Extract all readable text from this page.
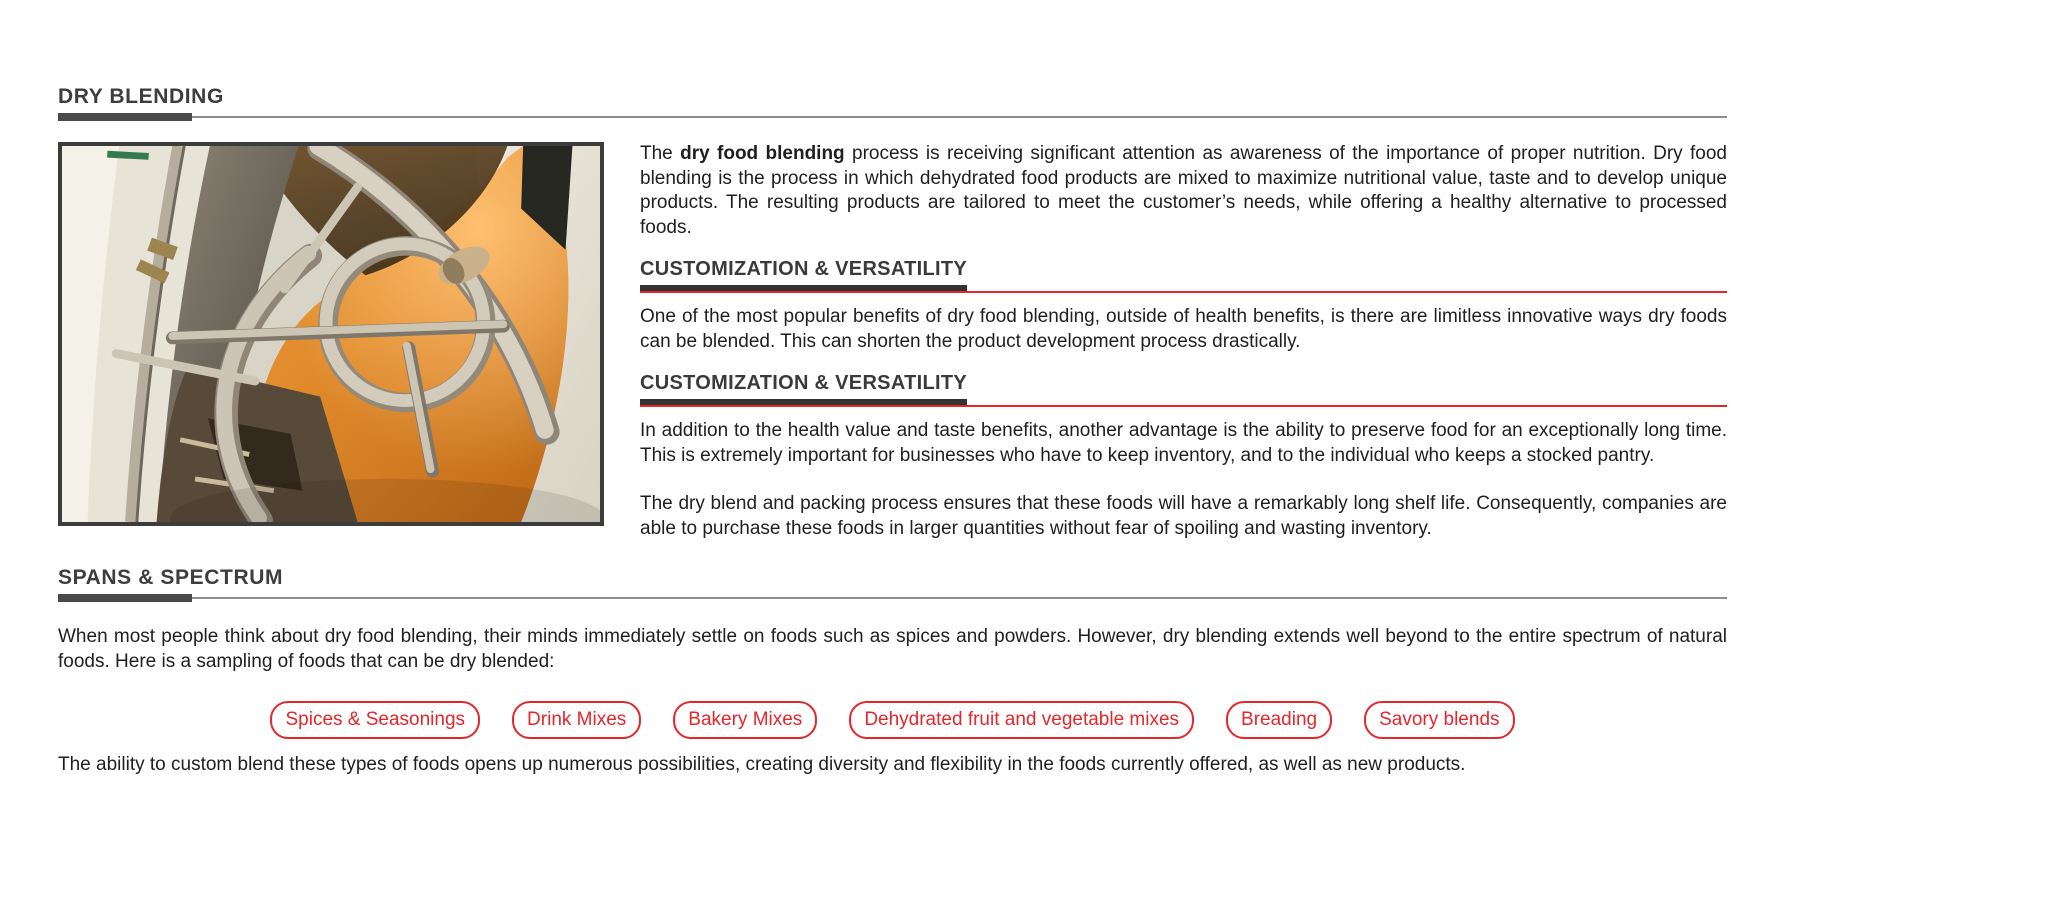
DRY BLENDING

The dry food blending process is receiving significant attention as awareness of the importance of proper nutrition. Dry food blending is the process in which dehydrated food products are mixed to maximize nutritional value, taste and to develop unique products. The resulting products are tailored to meet the customer’s needs, while offering a healthy alternative to processed foods.

CUSTOMIZATION & VERSATILITY

One of the most popular benefits of dry food blending, outside of health benefits, is there are limitless innovative ways dry foods can be blended. This can shorten the product development process drastically.

CUSTOMIZATION & VERSATILITY

In addition to the health value and taste benefits, another advantage is the ability to preserve food for an exceptionally long time. This is extremely important for businesses who have to keep inventory, and to the individual who keeps a stocked pantry.

The dry blend and packing process ensures that these foods will have a remarkably long shelf life. Consequently, companies are able to purchase these foods in larger quantities without fear of spoiling and wasting inventory.

SPANS & SPECTRUM

When most people think about dry food blending, their minds immediately settle on foods such as spices and powders. However, dry blending extends well beyond to the entire spectrum of natural foods. Here is a sampling of foods that can be dry blended:

Spices & Seasonings	Drink Mixes	Bakery Mixes	Dehydrated fruit and vegetable mixes	Breading	Savory blends

The ability to custom blend these types of foods opens up numerous possibilities, creating diversity and flexibility in the foods currently offered, as well as new products.
